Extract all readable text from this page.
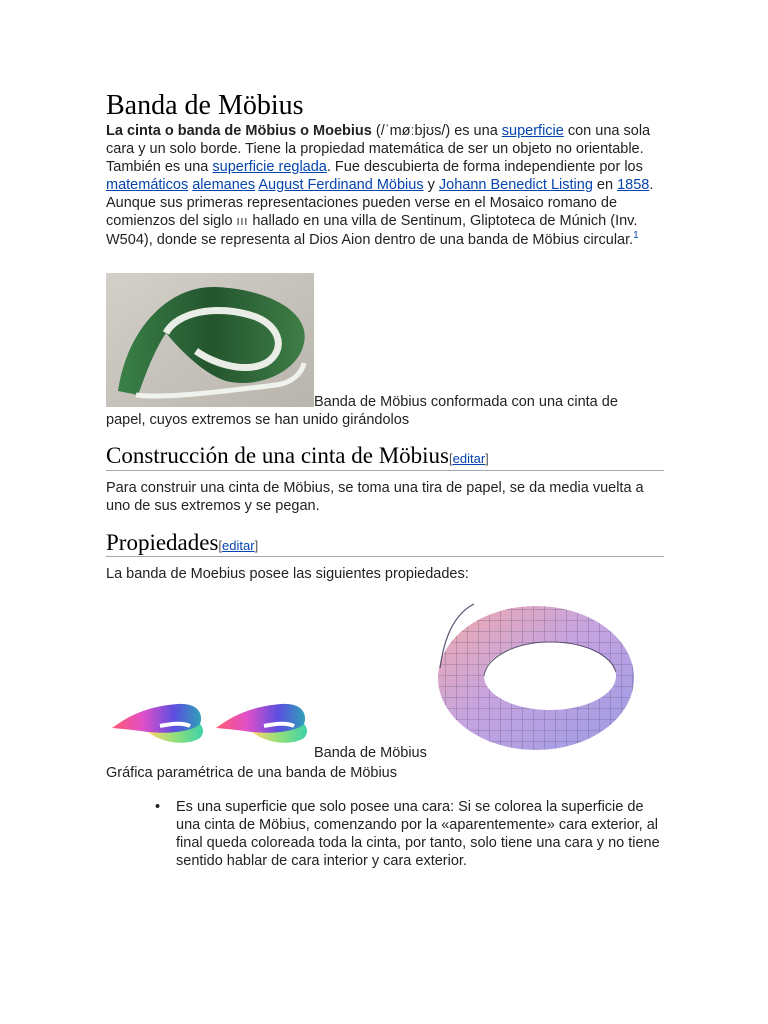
Banda de Möbius
La cinta o banda de Möbius o Moebius (/ˈmøːbjʊs/) es una superficie con una sola cara y un solo borde. Tiene la propiedad matemática de ser un objeto no orientable. También es una superficie reglada. Fue descubierta de forma independiente por los matemáticos alemanes August Ferdinand Möbius y Johann Benedict Listing en 1858. Aunque sus primeras representaciones pueden verse en el Mosaico romano de comienzos del siglo III hallado en una villa de Sentinum, Gliptoteca de Múnich (Inv. W504), donde se representa al Dios Aion dentro de una banda de Möbius circular.$^1$
Banda de Möbius conformada con una cinta de papel, cuyos extremos se han unido girándolos
Construcción de una cinta de Möbius[editar]
Para construir una cinta de Möbius, se toma una tira de papel, se da media vuelta a uno de sus extremos y se pegan.
Propiedades[editar]
La banda de Moebius posee las siguientes propiedades:
Banda de Möbius
Gráfica paramétrica de una banda de Möbius
• Es una superficie que solo posee una cara: Si se colorea la superficie de una cinta de Möbius, comenzando por la «aparentemente» cara exterior, al final queda coloreada toda la cinta, por tanto, solo tiene una cara y no tiene sentido hablar de cara interior y cara exterior.
